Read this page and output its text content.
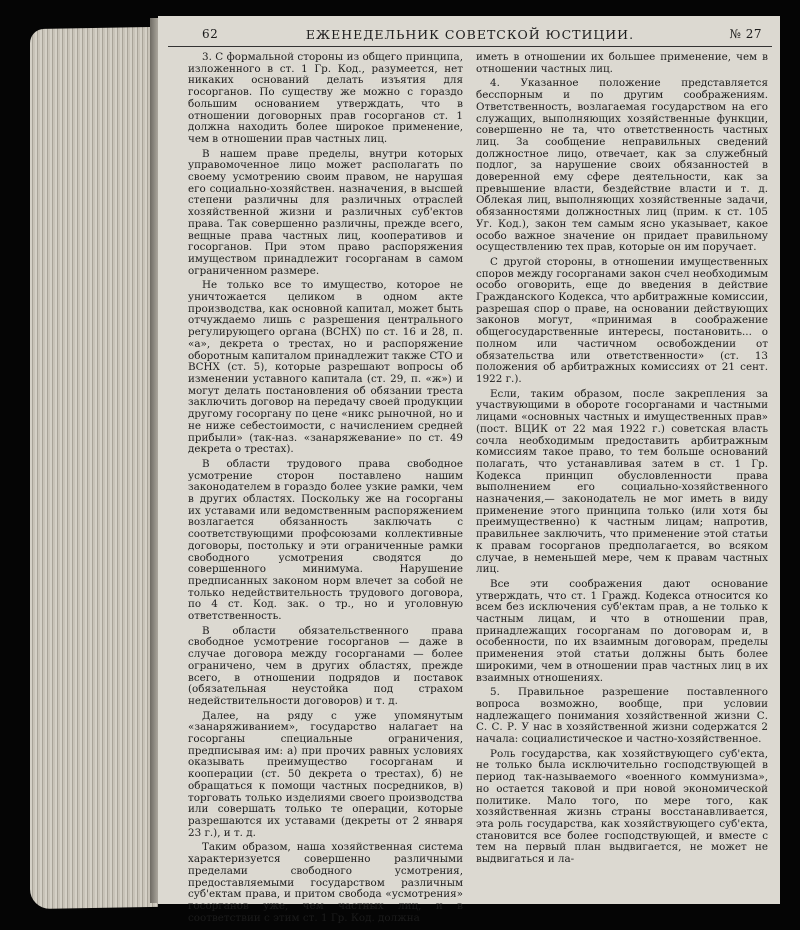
62	ЕЖЕНЕДЕЛЬНИК СОВЕТСКОЙ ЮСТИЦИИ.	№ 27

3. С формальной стороны из общего принципа, изложенного в ст. 1 Гр. Код., разумеется, нет никаких оснований делать изъятия для госорганов. По существу же можно с гораздо большим основанием утверждать, что в отношении договорных прав госорганов ст. 1 должна находить более широкое применение, чем в отношении прав частных лиц.

В нашем праве пределы, внутри которых управомоченное лицо может располагать по своему усмотрению своим правом, не нарушая его социально-хозяйствен. назначения, в высшей степени различны для различных отраслей хозяйственной жизни и различных суб'ектов права. Так совершенно различны, прежде всего, вещные права частных лиц, кооперативов и госорганов. При этом право распоряжения имуществом принадлежит госорганам в самом ограниченном размере.

Не только все то имущество, которое не уничтожается целиком в одном акте производства, как основной капитал, может быть отчуждаемо лишь с разрешения центрального регулирующего органа (ВСНХ) по ст. 16 и 28, п. «а», декрета о трестах, но и распоряжение оборотным капиталом принадлежит также СТО и ВСНХ (ст. 5), которые разрешают вопросы об изменении уставного капитала (ст. 29, п. «ж») и могут делать постановления об обязании треста заключить договор на передачу своей продукции другому госоргану по цене «никс рыночной, но и не ниже себестоимости, с начислением средней прибыли» (так-наз. «занаряжевание» по ст. 49 декрета о трестах).

В области трудового права свободное усмотрение сторон поставлено нашим законодателем в гораздо более узкие рамки, чем в других областях. Поскольку же на госорганы их уставами или ведомственным распоряжением возлагается обязанность заключать с соответствующими профсоюзами коллективные договоры, постольку и эти ограниченные рамки свободного усмотрения сводятся до совершенного минимума. Нарушение предписанных законом норм влечет за собой не только недействительность трудового договора, по 4 ст. Код. зак. о тр., но и уголовную ответственность.

В области обязательственного права свободное усмотрение госорганов — даже в случае договора между госорганами — более ограничено, чем в других областях, прежде всего, в отношении подрядов и поставок (обязательная неустойка под страхом недействительности договоров) и т. д.

Далее, на ряду с уже упомянутым «занаряживанием», государство налагает на госорганы специальные ограничения, предписывая им: а) при прочих равных условиях оказывать преимущество госорганам и кооперации (ст. 50 декрета о трестах), б) не обращаться к помощи частных посредников, в) торговать только изделиями своего производства или совершать только те операции, которые разрешаются их уставами (декреты от 2 января 23 г.), и т. д.

Таким образом, наша хозяйственная система характеризуется совершенно различными пределами свободного усмотрения, предоставляемыми государством различным суб'ектам права, и притом свобода «усмотрения» госорганов уже, чем частных лиц, и в соответствии с этим ст. 1 Гр. Код. должна

иметь в отношении их большее применение, чем в отношении частных лиц.

4. Указанное положение представляется бесспорным и по другим соображениям. Ответственность, возлагаемая государством на его служащих, выполняющих хозяйственные функции, совершенно не та, что ответственность частных лиц. За сообщение неправильных сведений должностное лицо, отвечает, как за служебный подлог, за нарушение своих обязанностей в доверенной ему сфере деятельности, как за превышение власти, бездействие власти и т. д. Облекая лиц, выполняющих хозяйственные задачи, обязанностями должностных лиц (прим. к ст. 105 Уг. Код.), закон тем самым ясно указывает, какое особо важное значение он придает правильному осуществлению тех прав, которые он им поручает.

С другой стороны, в отношении имущественных споров между госорганами закон счел необходимым особо оговорить, еще до введения в действие Гражданского Кодекса, что арбитражные комиссии, разрешая спор о праве, на основании действующих законов могут, «принимая в соображение общегосударственные интересы, постановить... о полном или частичном освобождении от обязательства или ответственности» (ст. 13 положения об арбитражных комиссиях от 21 сент. 1922 г.).

Если, таким образом, после закрепления за участвующими в обороте госорганами и частными лицами «основных частных и имущественных прав» (пост. ВЦИК от 22 мая 1922 г.) советская власть сочла необходимым предоставить арбитражным комиссиям такое право, то тем больше оснований полагать, что устанавливая затем в ст. 1 Гр. Кодекса принцип обусловленности права выполнением его социально-хозяйственного назначения,— законодатель не мог иметь в виду применение этого принципа только (или хотя бы преимущественно) к частным лицам; напротив, правильнее заключить, что применение этой статьи к правам госорганов предполагается, во всяком случае, в неменьшей мере, чем к правам частных лиц.

Все эти соображения дают основание утверждать, что ст. 1 Гражд. Кодекса относится ко всем без исключения суб'ектам прав, а не только к частным лицам, и что в отношении прав, принадлежащих госорганам по договорам и, в особенности, по их взаимным договорам, пределы применения этой статьи должны быть более широкими, чем в отношении прав частных лиц в их взаимных отношениях.

5. Правильное разрешение поставленного вопроса возможно, вообще, при условии надлежащего понимания хозяйственной жизни С. С. С. Р. У нас в хозяйственной жизни содержатся 2 начала: социалистическое и частно-хозяйственное.

Роль государства, как хозяйствующего суб'екта, не только была исключительно господствующей в период так-называемого «военного коммунизма», но остается таковой и при новой экономической политике. Мало того, по мере того, как хозяйственная жизнь страны восстанавливается, эта роль государства, как хозяйствующего суб'екта, становится все более господствующей, и вместе с тем на первый план выдвигается, не может не выдвигаться и ла-
